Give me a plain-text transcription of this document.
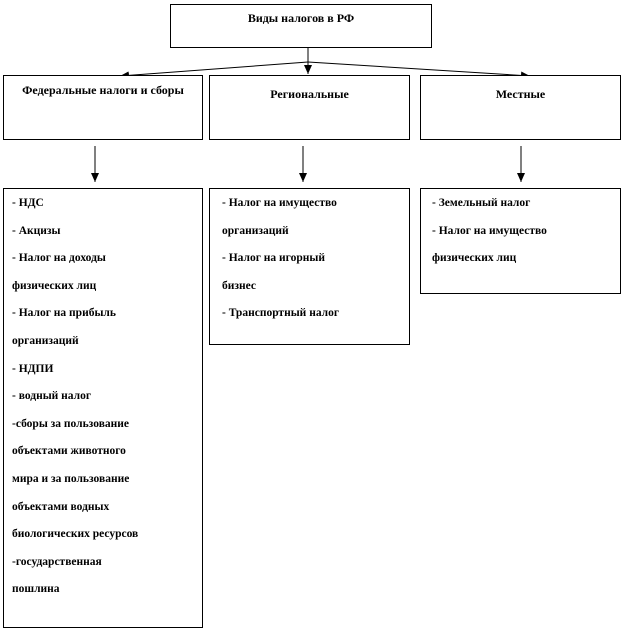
Виды налогов в РФ
Федеральные налоги и сборы	Региональные	Местные
- НДС
- Акцизы
- Налог на доходы
физических лиц
- Налог на прибыль
организаций
- НДПИ
- водный налог
-сборы за пользование
объектами животного
мира и за пользование
объектами водных
биологических ресурсов
-государственная
пошлина
- Налог на имущество
организаций
- Налог на игорный
бизнес
- Транспортный налог
- Земельный налог
- Налог на имущество
физических лиц
